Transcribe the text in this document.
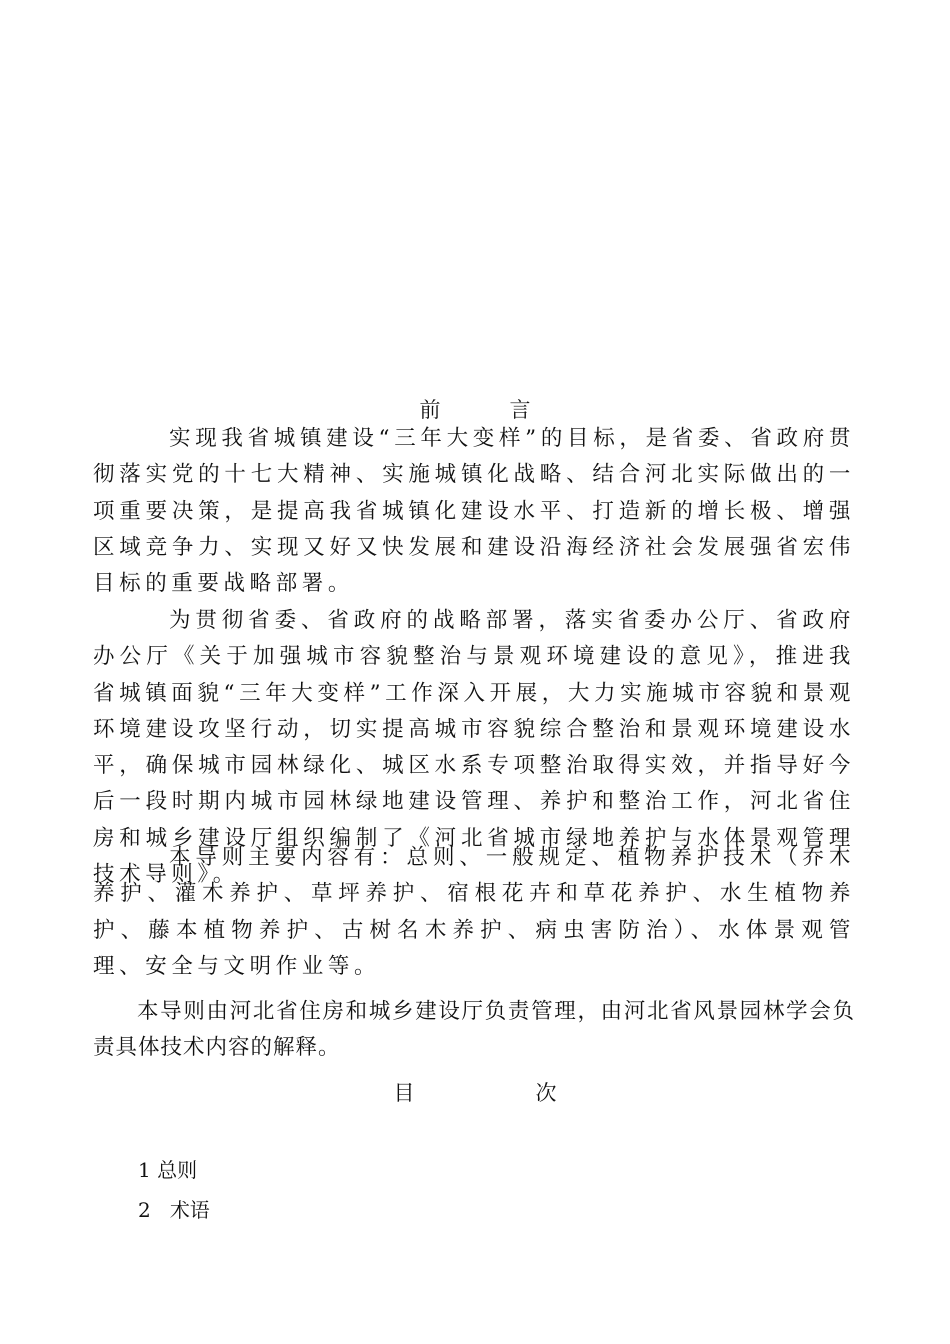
前　言

实现我省城镇建设“三年大变样”的目标，是省委、省政府贯彻落实党的十七大精神、实施城镇化战略、结合河北实际做出的一项重要决策，是提高我省城镇化建设水平、打造新的增长极、增强区域竞争力、实现又好又快发展和建设沿海经济社会发展强省宏伟目标的重要战略部署。

为贯彻省委、省政府的战略部署，落实省委办公厅、省政府办公厅《关于加强城市容貌整治与景观环境建设的意见》，推进我省城镇面貌“三年大变样”工作深入开展，大力实施城市容貌和景观环境建设攻坚行动，切实提高城市容貌综合整治和景观环境建设水平，确保城市园林绿化、城区水系专项整治取得实效，并指导好今后一段时期内城市园林绿地建设管理、养护和整治工作，河北省住房和城乡建设厅组织编制了《河北省城市绿地养护与水体景观管理技术导则》。

本导则主要内容有：总则、一般规定、植物养护技术（乔木养护、灌木养护、草坪养护、宿根花卉和草花养护、水生植物养护、藤本植物养护、古树名木养护、病虫害防治）、水体景观管理、安全与文明作业等。

本导则由河北省住房和城乡建设厅负责管理，由河北省风景园林学会负责具体技术内容的解释。

目　次
1 总则
2 术语
